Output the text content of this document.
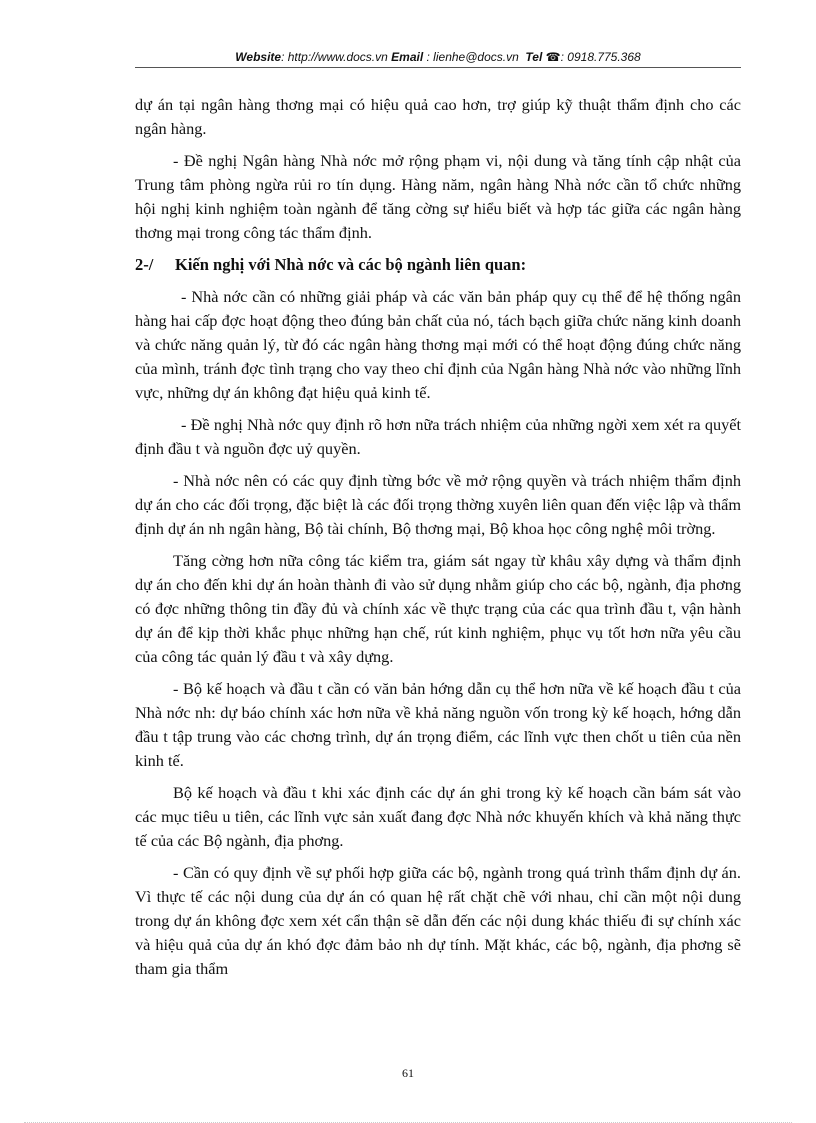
Website: http://www.docs.vn Email : lienhe@docs.vn Tel ☎: 0918.775.368

dự án tại ngân hàng thơng mại có hiệu quả cao hơn, trợ giúp kỹ thuật thẩm định cho các ngân hàng.

- Đề nghị Ngân hàng Nhà nớc mở rộng phạm vi, nội dung và tăng tính cập nhật của Trung tâm phòng ngừa rủi ro tín dụng. Hàng năm, ngân hàng Nhà nớc cần tổ chức những hội nghị kinh nghiệm toàn ngành để tăng cờng sự hiểu biết và hợp tác giữa các ngân hàng thơng mại trong công tác thẩm định.

2-/ Kiến nghị với Nhà nớc và các bộ ngành liên quan:

- Nhà nớc cần có những giải pháp và các văn bản pháp quy cụ thể để hệ thống ngân hàng hai cấp đợc hoạt động theo đúng bản chất của nó, tách bạch giữa chức năng kinh doanh và chức năng quản lý, từ đó các ngân hàng thơng mại mới có thể hoạt động đúng chức năng của mình, tránh đợc tình trạng cho vay theo chỉ định của Ngân hàng Nhà nớc vào những lĩnh vực, những dự án không đạt hiệu quả kinh tế.

- Đề nghị Nhà nớc quy định rõ hơn nữa trách nhiệm của những ngời xem xét ra quyết định đầu t và nguồn đợc uỷ quyền.

- Nhà nớc nên có các quy định từng bớc về mở rộng quyền và trách nhiệm thẩm định dự án cho các đối trọng, đặc biệt là các đối trọng thờng xuyên liên quan đến việc lập và thẩm định dự án nh ngân hàng, Bộ tài chính, Bộ thơng mại, Bộ khoa học công nghệ môi trờng.

Tăng cờng hơn nữa công tác kiểm tra, giám sát ngay từ khâu xây dựng và thẩm định dự án cho đến khi dự án hoàn thành đi vào sử dụng nhằm giúp cho các bộ, ngành, địa phơng có đợc những thông tin đầy đủ và chính xác về thực trạng của các qua trình đầu t, vận hành dự án để kịp thời khắc phục những hạn chế, rút kinh nghiệm, phục vụ tốt hơn nữa yêu cầu của công tác quản lý đầu t và xây dựng.

- Bộ kế hoạch và đầu t cần có văn bản hớng dẫn cụ thể hơn nữa về kế hoạch đầu t của Nhà nớc nh: dự báo chính xác hơn nữa về khả năng nguồn vốn trong kỳ kế hoạch, hớng dẫn đầu t tập trung vào các chơng trình, dự án trọng điểm, các lĩnh vực then chốt u tiên của nền kinh tế.

Bộ kế hoạch và đầu t khi xác định các dự án ghi trong kỳ kế hoạch cần bám sát vào các mục tiêu u tiên, các lĩnh vực sản xuất đang đợc Nhà nớc khuyến khích và khả năng thực tế của các Bộ ngành, địa phơng.

- Cần có quy định về sự phối hợp giữa các bộ, ngành trong quá trình thẩm định dự án. Vì thực tế các nội dung của dự án có quan hệ rất chặt chẽ với nhau, chỉ cần một nội dung trong dự án không đợc xem xét cẩn thận sẽ dẫn đến các nội dung khác thiếu đi sự chính xác và hiệu quả của dự án khó đợc đảm bảo nh dự tính. Mặt khác, các bộ, ngành, địa phơng sẽ tham gia thẩm

61
